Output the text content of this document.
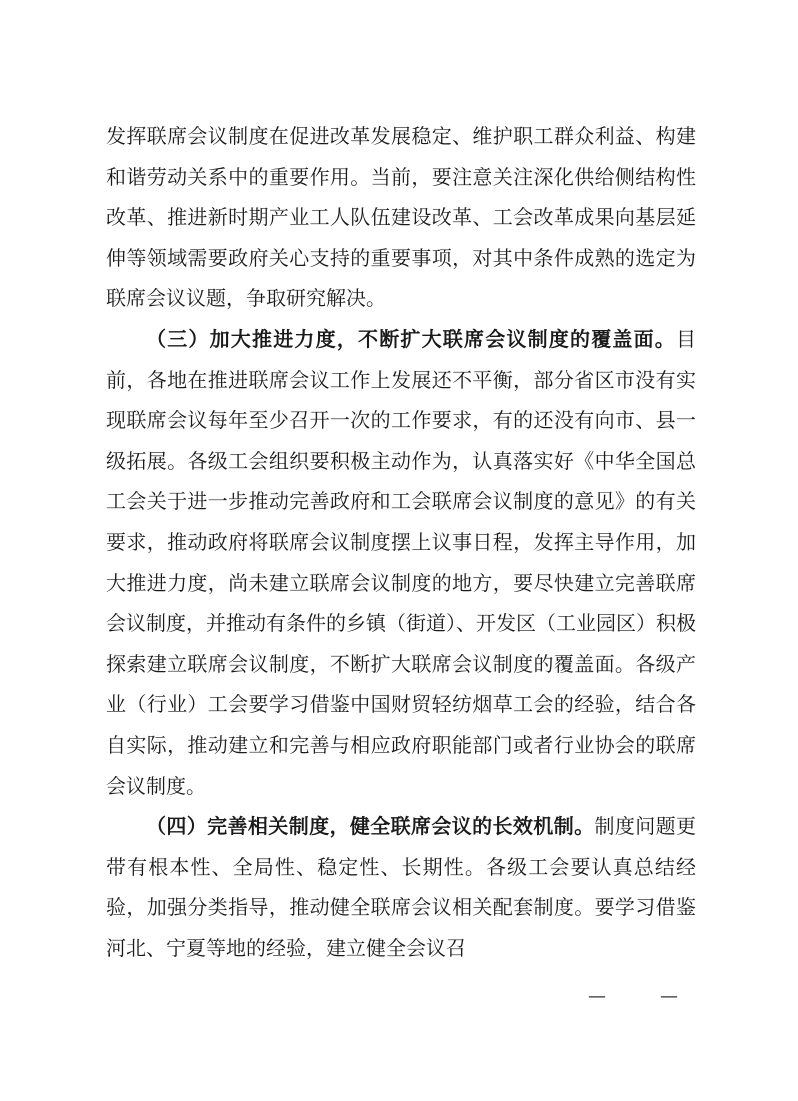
发挥联席会议制度在促进改革发展稳定、维护职工群众利益、构建和谐劳动关系中的重要作用。当前，要注意关注深化供给侧结构性改革、推进新时期产业工人队伍建设改革、工会改革成果向基层延伸等领域需要政府关心支持的重要事项，对其中条件成熟的选定为联席会议议题，争取研究解决。

（三）加大推进力度，不断扩大联席会议制度的覆盖面。目前，各地在推进联席会议工作上发展还不平衡，部分省区市没有实现联席会议每年至少召开一次的工作要求，有的还没有向市、县一级拓展。各级工会组织要积极主动作为，认真落实好《中华全国总工会关于进一步推动完善政府和工会联席会议制度的意见》的有关要求，推动政府将联席会议制度摆上议事日程，发挥主导作用，加大推进力度，尚未建立联席会议制度的地方，要尽快建立完善联席会议制度，并推动有条件的乡镇（街道）、开发区（工业园区）积极探索建立联席会议制度，不断扩大联席会议制度的覆盖面。各级产业（行业）工会要学习借鉴中国财贸轻纺烟草工会的经验，结合各自实际，推动建立和完善与相应政府职能部门或者行业协会的联席会议制度。

（四）完善相关制度，健全联席会议的长效机制。制度问题更带有根本性、全局性、稳定性、长期性。各级工会要认真总结经验，加强分类指导，推动健全联席会议相关配套制度。要学习借鉴河北、宁夏等地的经验，建立健全会议召

—	—
